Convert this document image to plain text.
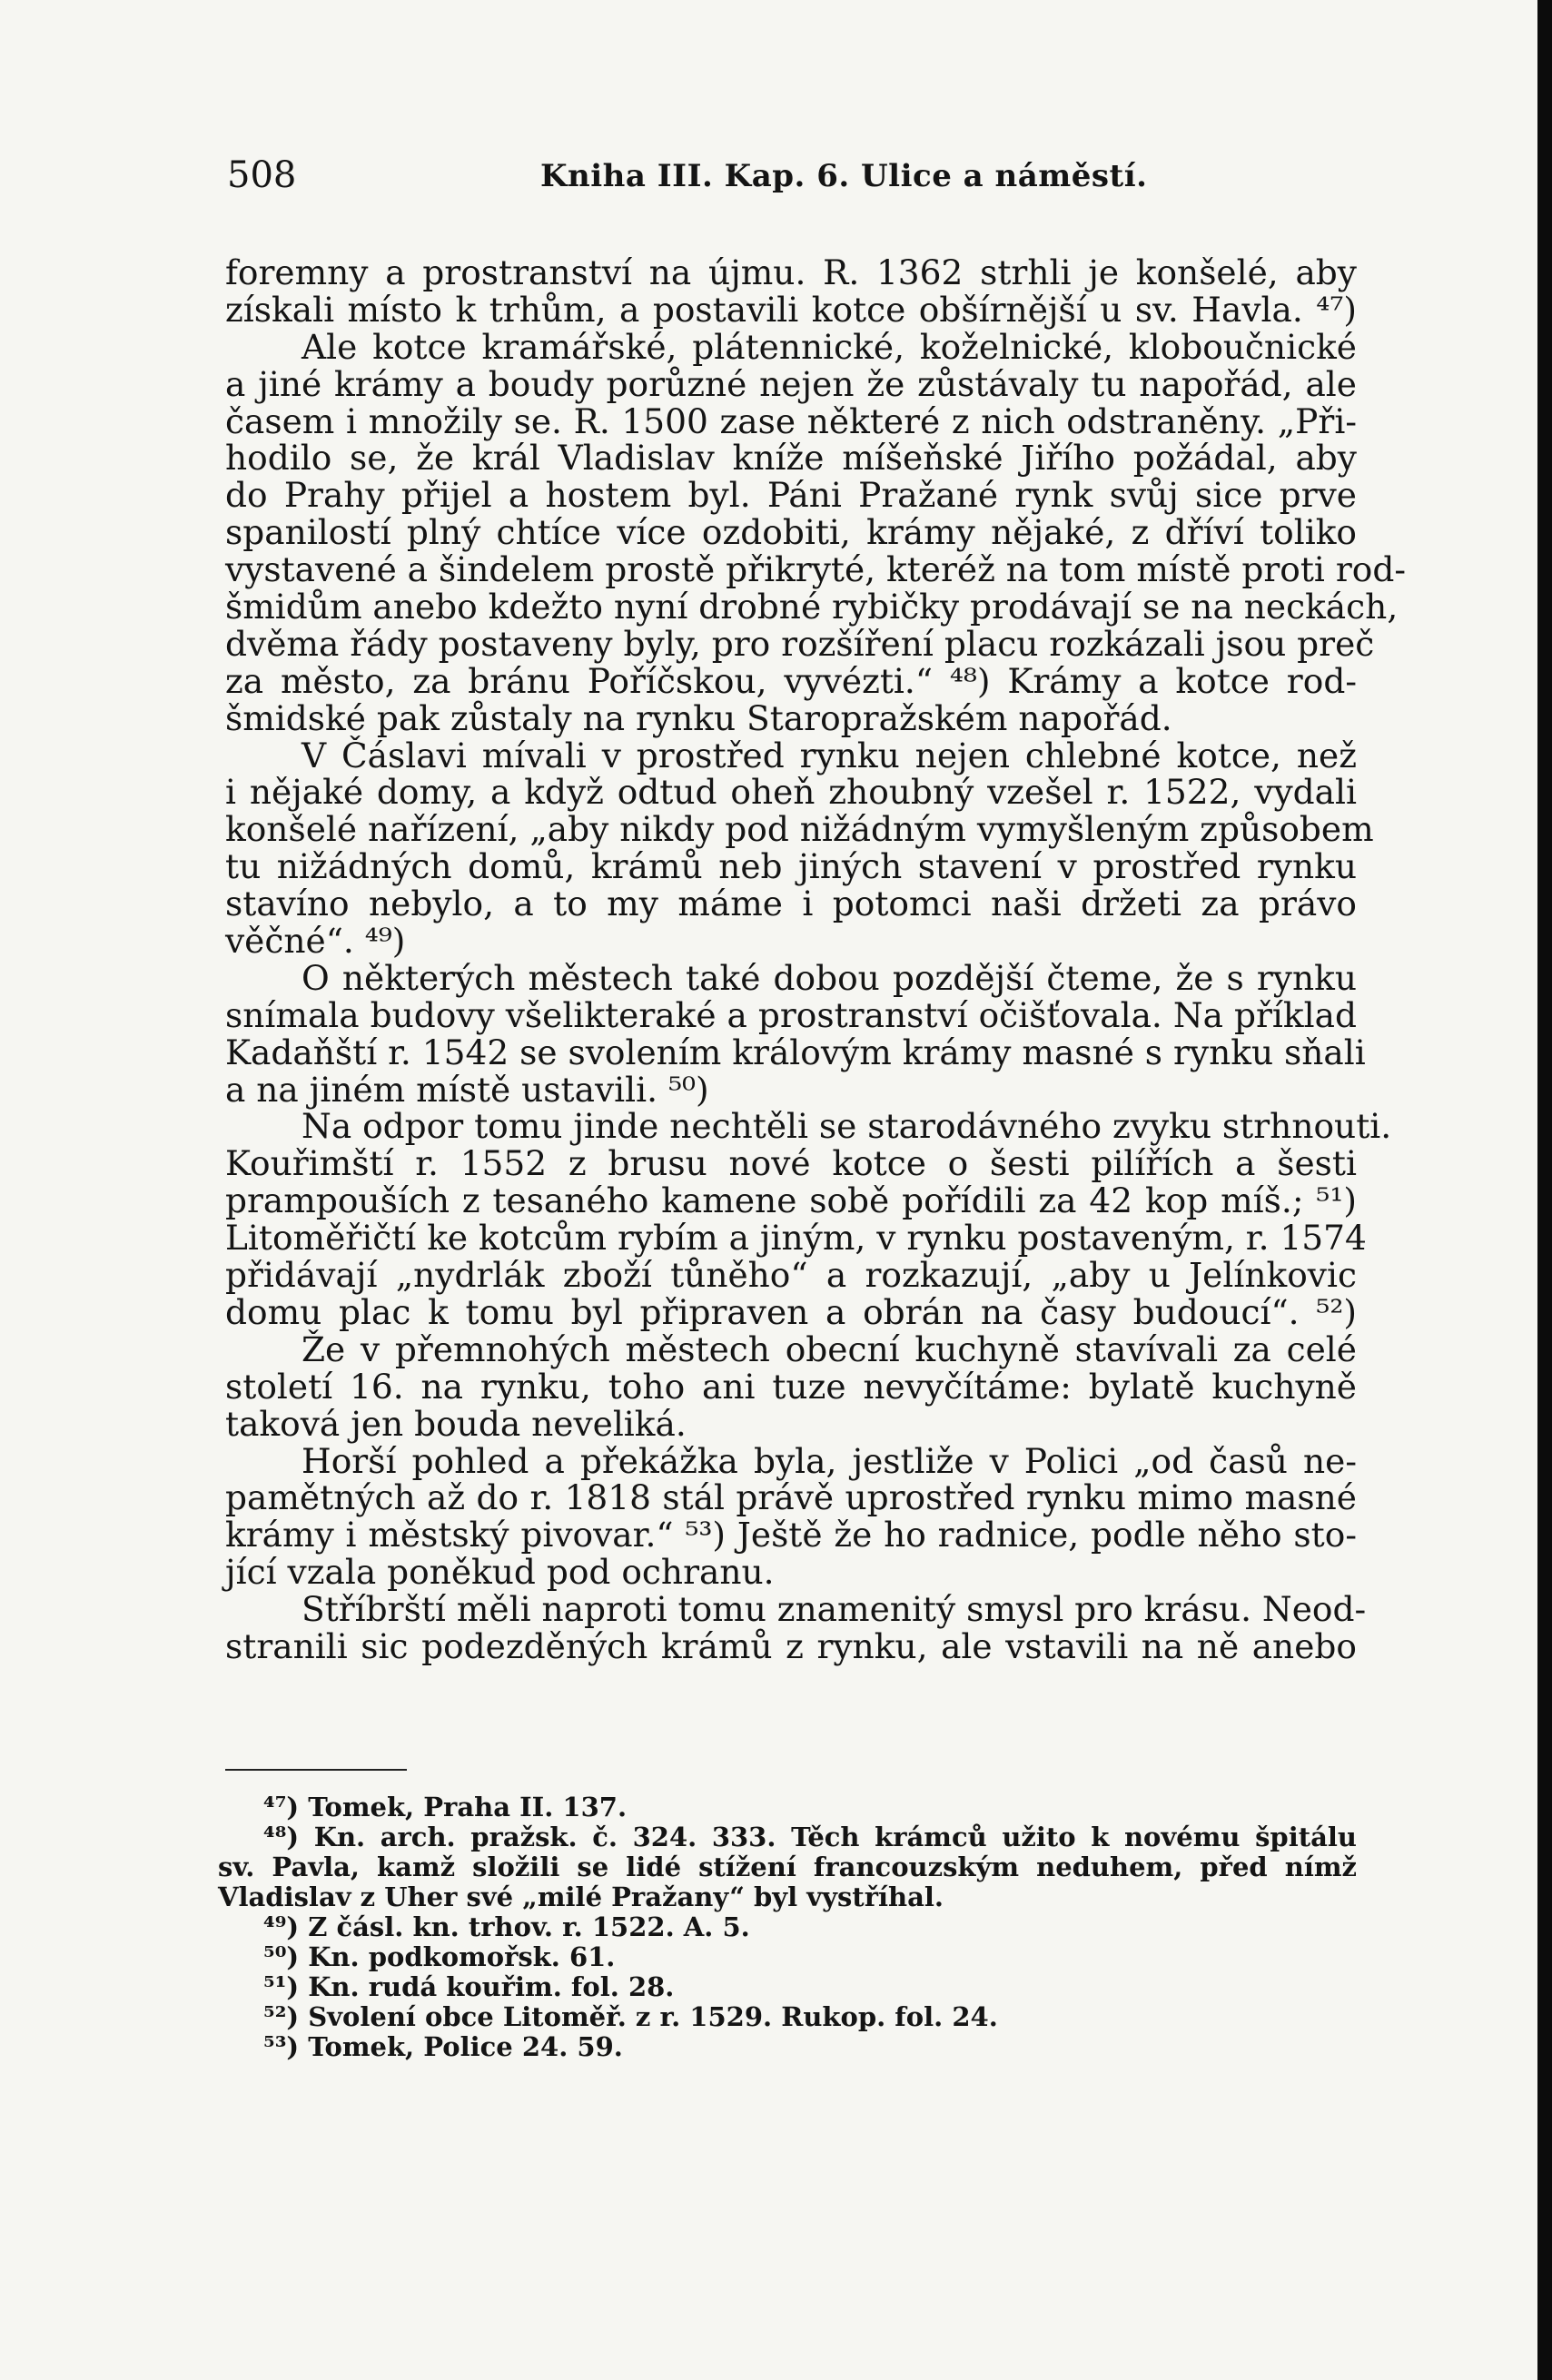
508	Kniha III. Kap. 6. Ulice a náměstí.
foremny a prostranství na újmu. R. 1362 strhli je konšelé, aby
získali místo k trhům, a postavili kotce obšírnější u sv. Havla. ⁴⁷)
Ale kotce kramářské, plátennické, koželnické, kloboučnické
a jiné krámy a boudy porůzné nejen že zůstávaly tu napořád, ale
časem i množily se. R. 1500 zase některé z nich odstraněny. „Při-
hodilo se, že král Vladislav kníže míšeňské Jiřího požádal, aby
do Prahy přijel a hostem byl. Páni Pražané rynk svůj sice prve
spanilostí plný chtíce více ozdobiti, krámy nějaké, z dříví toliko
vystavené a šindelem prostě přikryté, kteréž na tom místě proti rod-
šmidům anebo kdežto nyní drobné rybičky prodávají se na neckách,
dvěma řády postaveny byly, pro rozšíření placu rozkázali jsou preč
za město, za bránu Poříčskou, vyvézti.“ ⁴⁸) Krámy a kotce rod-
šmidské pak zůstaly na rynku Staropražském napořád.
V Čáslavi mívali v prostřed rynku nejen chlebné kotce, než
i nějaké domy, a když odtud oheň zhoubný vzešel r. 1522, vydali
konšelé nařízení, „aby nikdy pod nižádným vymyšleným způsobem
tu nižádných domů, krámů neb jiných stavení v prostřed rynku
stavíno nebylo, a to my máme i potomci naši držeti za právo
věčné“. ⁴⁹)
O některých městech také dobou pozdější čteme, že s rynku
snímala budovy všelikteraké a prostranství očišťovala. Na příklad
Kadaňští r. 1542 se svolením královým krámy masné s rynku sňali
a na jiném místě ustavili. ⁵⁰)
Na odpor tomu jinde nechtěli se starodávného zvyku strhnouti.
Kouřimští r. 1552 z brusu nové kotce o šesti pilířích a šesti
prampouších z tesaného kamene sobě pořídili za 42 kop míš.; ⁵¹)
Litoměřičtí ke kotcům rybím a jiným, v rynku postaveným, r. 1574
přidávají „nydrlák zboží tůněho“ a rozkazují, „aby u Jelínkovic
domu plac k tomu byl připraven a obrán na časy budoucí“. ⁵²)
Že v přemnohých městech obecní kuchyně stavívali za celé
století 16. na rynku, toho ani tuze nevyčítáme: bylatě kuchyně
taková jen bouda neveliká.
Horší pohled a překážka byla, jestliže v Polici „od časů ne-
pamětných až do r. 1818 stál právě uprostřed rynku mimo masné
krámy i městský pivovar.“ ⁵³) Ještě že ho radnice, podle něho sto-
jící vzala poněkud pod ochranu.
Stříbrští měli naproti tomu znamenitý smysl pro krásu. Neod-
stranili sic podezděných krámů z rynku, ale vstavili na ně anebo
⁴⁷) Tomek, Praha II. 137.
⁴⁸) Kn. arch. pražsk. č. 324. 333. Těch krámců užito k novému špitálu
sv. Pavla, kamž složili se lidé stížení francouzským neduhem, před nímž
Vladislav z Uher své „milé Pražany“ byl vystříhal.
⁴⁹) Z čásl. kn. trhov. r. 1522. A. 5.
⁵⁰) Kn. podkomořsk. 61.
⁵¹) Kn. rudá kouřim. fol. 28.
⁵²) Svolení obce Litoměř. z r. 1529. Rukop. fol. 24.
⁵³) Tomek, Police 24. 59.
